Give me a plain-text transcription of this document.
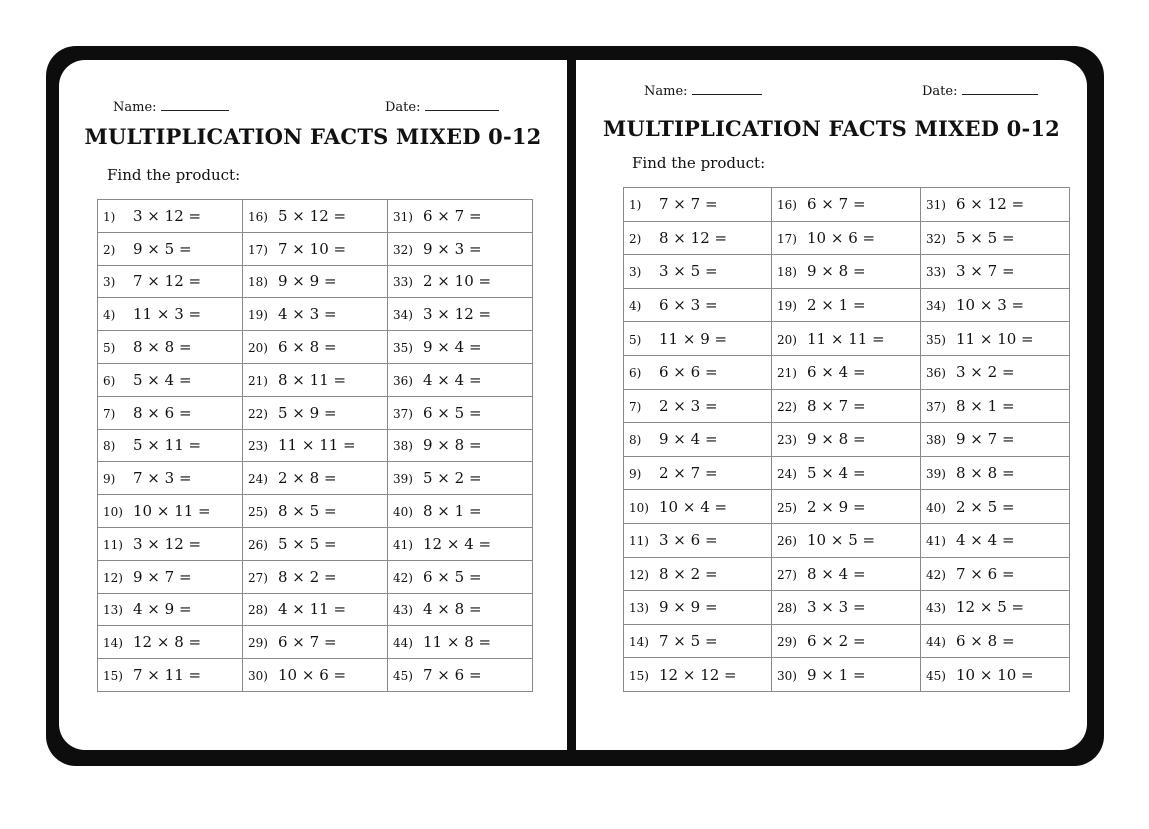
Name:	Date:
MULTIPLICATION FACTS MIXED 0-12
Find the product:
1) 3 × 12 =	16) 5 × 12 =	31) 6 × 7 =
2) 9 × 5 =	17) 7 × 10 =	32) 9 × 3 =
3) 7 × 12 =	18) 9 × 9 =	33) 2 × 10 =
4) 11 × 3 =	19) 4 × 3 =	34) 3 × 12 =
5) 8 × 8 =	20) 6 × 8 =	35) 9 × 4 =
6) 5 × 4 =	21) 8 × 11 =	36) 4 × 4 =
7) 8 × 6 =	22) 5 × 9 =	37) 6 × 5 =
8) 5 × 11 =	23) 11 × 11 =	38) 9 × 8 =
9) 7 × 3 =	24) 2 × 8 =	39) 5 × 2 =
10) 10 × 11 =	25) 8 × 5 =	40) 8 × 1 =
11) 3 × 12 =	26) 5 × 5 =	41) 12 × 4 =
12) 9 × 7 =	27) 8 × 2 =	42) 6 × 5 =
13) 4 × 9 =	28) 4 × 11 =	43) 4 × 8 =
14) 12 × 8 =	29) 6 × 7 =	44) 11 × 8 =
15) 7 × 11 =	30) 10 × 6 =	45) 7 × 6 =
Name:	Date:
MULTIPLICATION FACTS MIXED 0-12
Find the product:
1) 7 × 7 =	16) 6 × 7 =	31) 6 × 12 =
2) 8 × 12 =	17) 10 × 6 =	32) 5 × 5 =
3) 3 × 5 =	18) 9 × 8 =	33) 3 × 7 =
4) 6 × 3 =	19) 2 × 1 =	34) 10 × 3 =
5) 11 × 9 =	20) 11 × 11 =	35) 11 × 10 =
6) 6 × 6 =	21) 6 × 4 =	36) 3 × 2 =
7) 2 × 3 =	22) 8 × 7 =	37) 8 × 1 =
8) 9 × 4 =	23) 9 × 8 =	38) 9 × 7 =
9) 2 × 7 =	24) 5 × 4 =	39) 8 × 8 =
10) 10 × 4 =	25) 2 × 9 =	40) 2 × 5 =
11) 3 × 6 =	26) 10 × 5 =	41) 4 × 4 =
12) 8 × 2 =	27) 8 × 4 =	42) 7 × 6 =
13) 9 × 9 =	28) 3 × 3 =	43) 12 × 5 =
14) 7 × 5 =	29) 6 × 2 =	44) 6 × 8 =
15) 12 × 12 =	30) 9 × 1 =	45) 10 × 10 =
